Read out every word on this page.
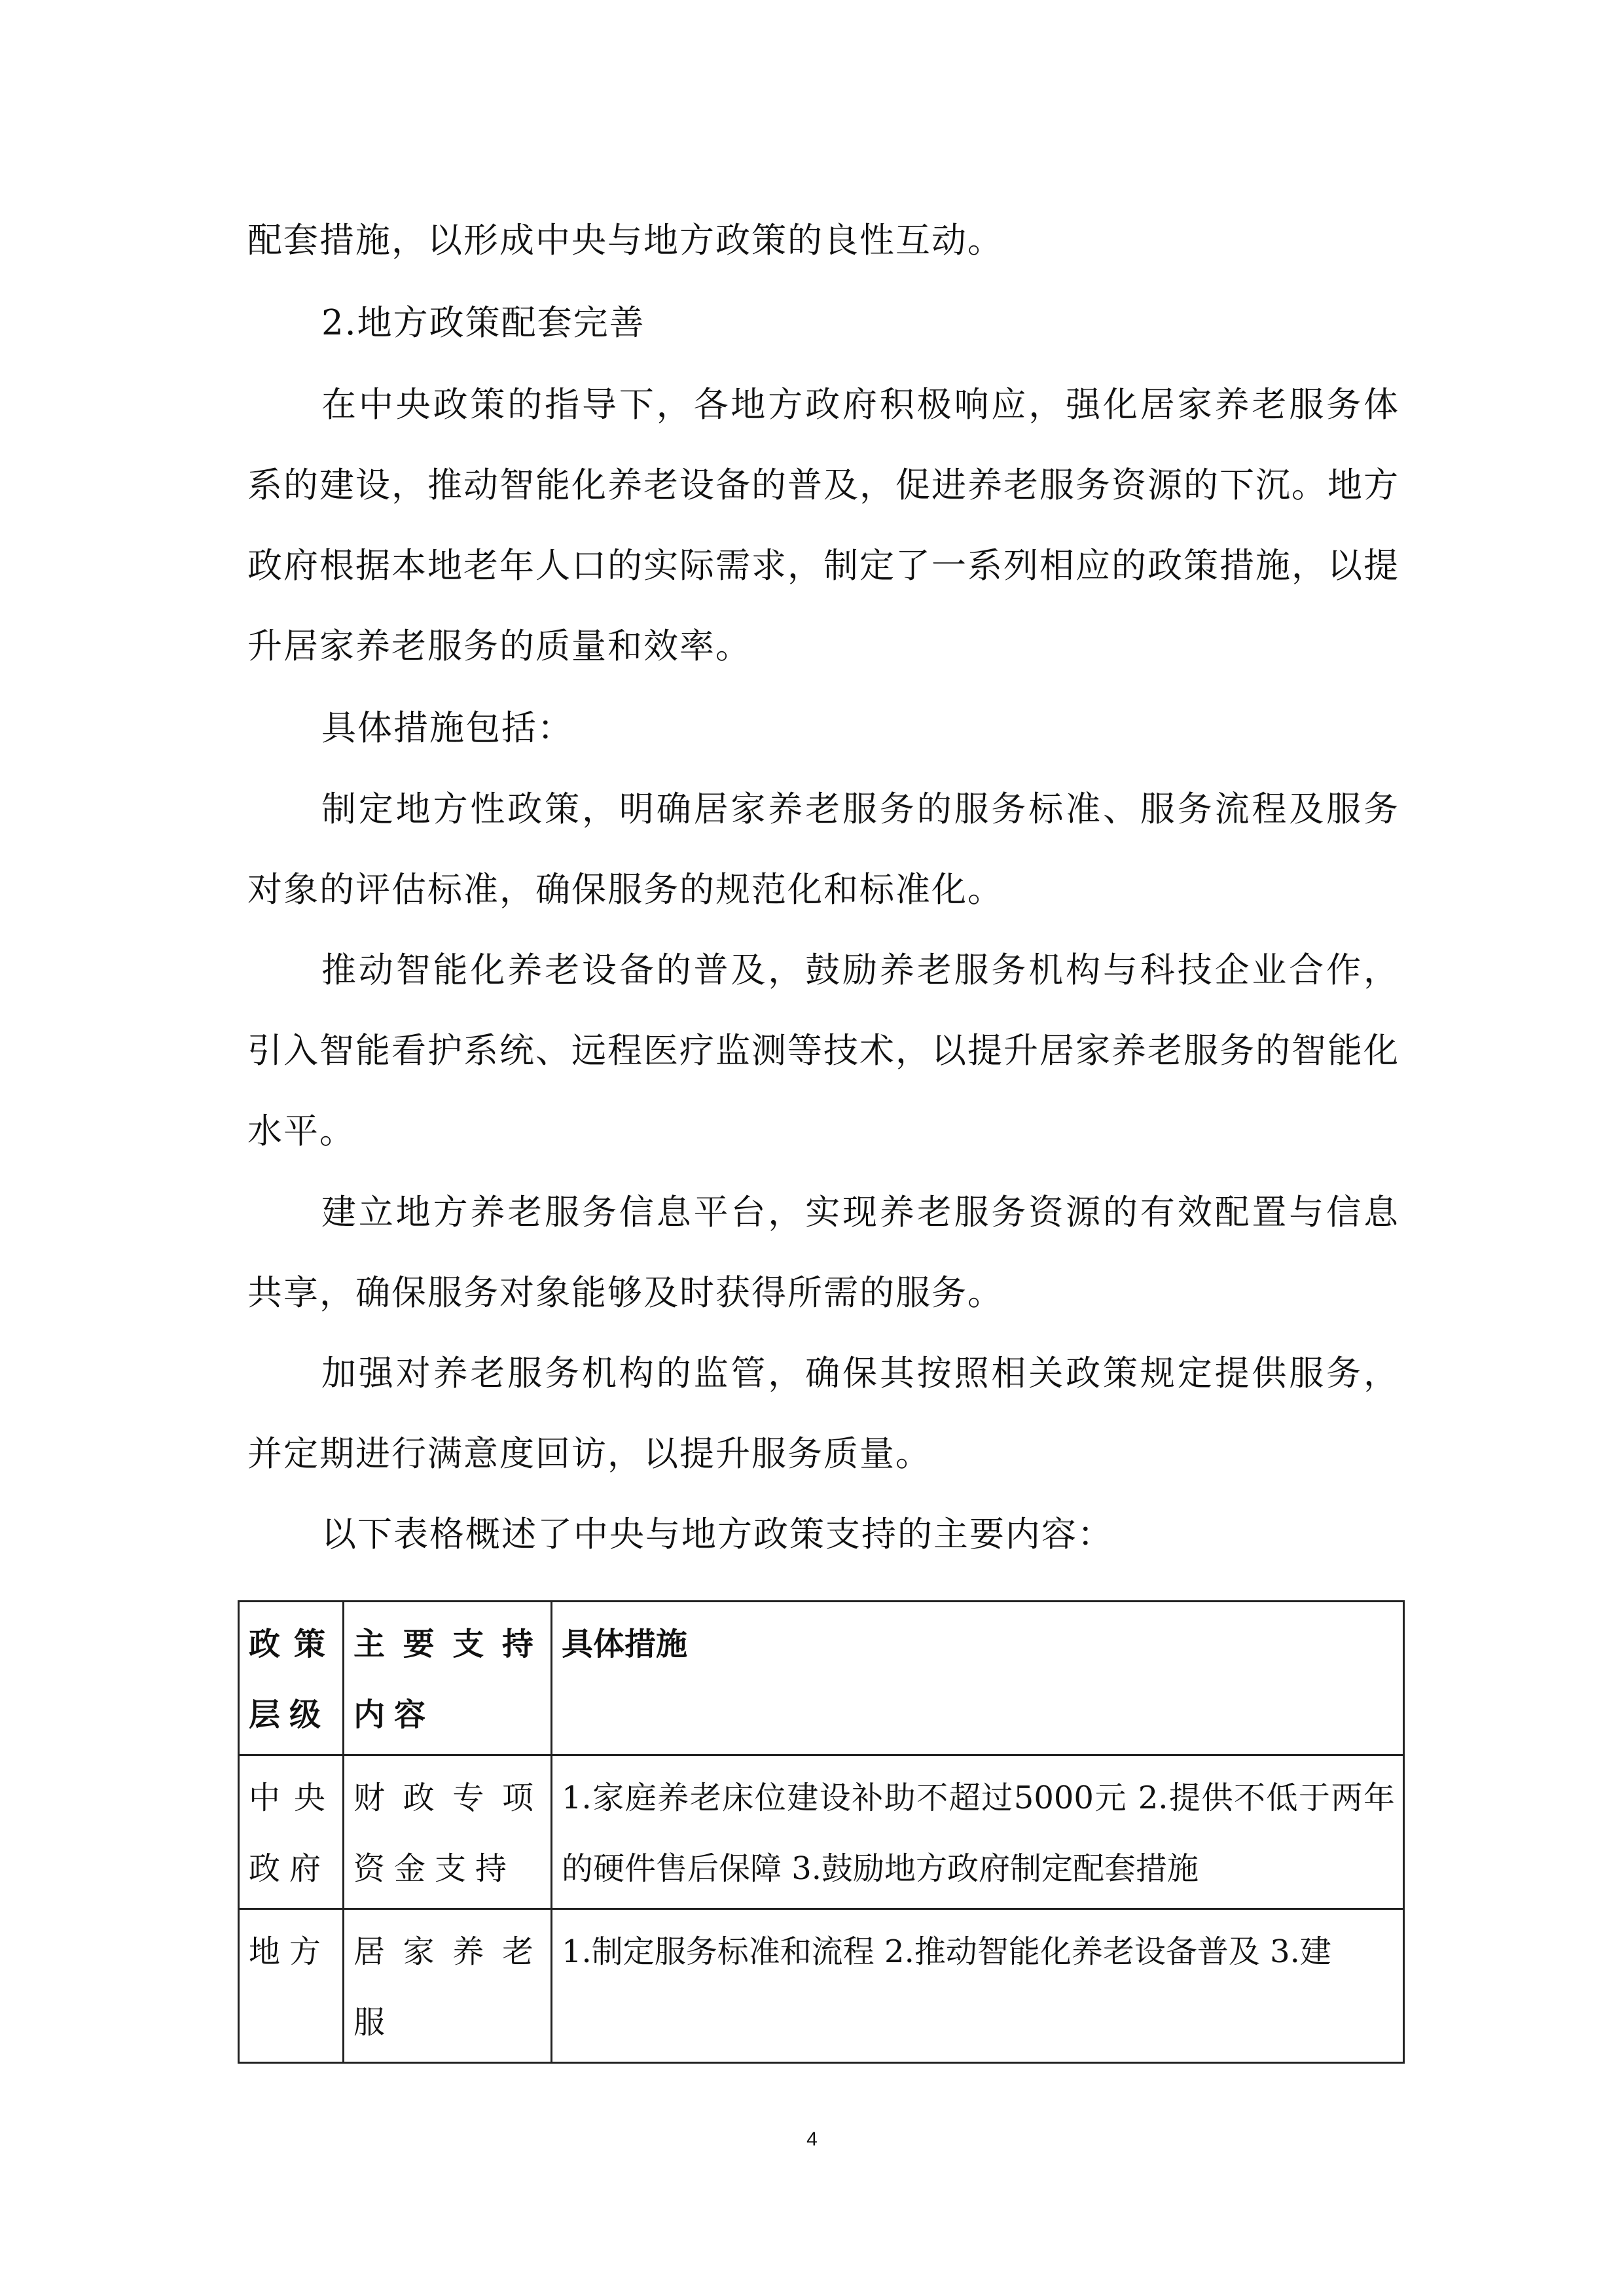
配套措施，以形成中央与地方政策的良性互动。

2.地方政策配套完善

在中央政策的指导下，各地方政府积极响应，强化居家养老服务体系的建设，推动智能化养老设备的普及，促进养老服务资源的下沉。地方政府根据本地老年人口的实际需求，制定了一系列相应的政策措施，以提升居家养老服务的质量和效率。

具体措施包括：

制定地方性政策，明确居家养老服务的服务标准、服务流程及服务对象的评估标准，确保服务的规范化和标准化。

推动智能化养老设备的普及，鼓励养老服务机构与科技企业合作，引入智能看护系统、远程医疗监测等技术，以提升居家养老服务的智能化水平。

建立地方养老服务信息平台，实现养老服务资源的有效配置与信息共享，确保服务对象能够及时获得所需的服务。

加强对养老服务机构的监管，确保其按照相关政策规定提供服务，并定期进行满意度回访，以提升服务质量。

以下表格概述了中央与地方政策支持的主要内容：

政策层级	主要支持内容	具体措施
中央政府	财政专项资金支持	1.家庭养老床位建设补助不超过5000元 2.提供不低于两年的硬件售后保障 3.鼓励地方政府制定配套措施
地方	居家养老服	1.制定服务标准和流程 2.推动智能化养老设备普及 3.建
4
